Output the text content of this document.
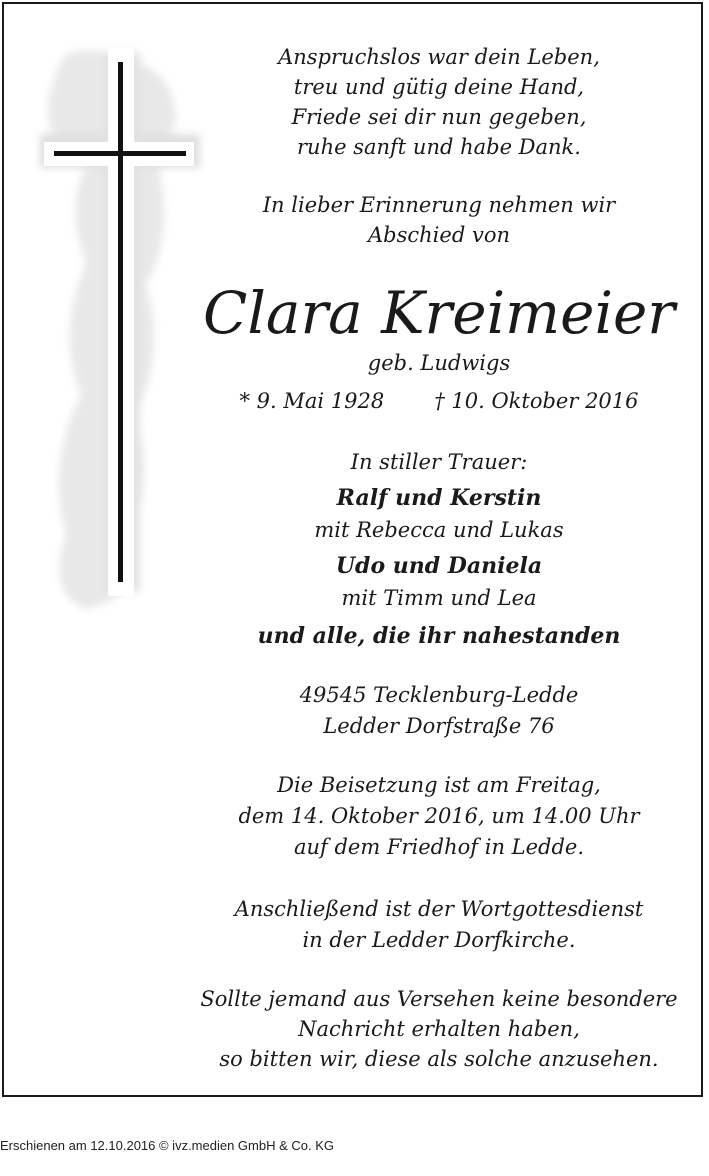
Anspruchslos war dein Leben,
treu und gütig deine Hand,
Friede sei dir nun gegeben,
ruhe sanft und habe Dank.
In lieber Erinnerung nehmen wir
Abschied von
Clara Kreimeier
geb. Ludwigs
* 9. Mai 1928 † 10. Oktober 2016
In stiller Trauer:
Ralf und Kerstin
mit Rebecca und Lukas
Udo und Daniela
mit Timm und Lea
und alle, die ihr nahestanden
49545 Tecklenburg-Ledde
Ledder Dorfstraße 76
Die Beisetzung ist am Freitag,
dem 14. Oktober 2016, um 14.00 Uhr
auf dem Friedhof in Ledde.
Anschließend ist der Wortgottesdienst
in der Ledder Dorfkirche.
Sollte jemand aus Versehen keine besondere
Nachricht erhalten haben,
so bitten wir, diese als solche anzusehen.
Erschienen am 12.10.2016 © ivz.medien GmbH & Co. KG
